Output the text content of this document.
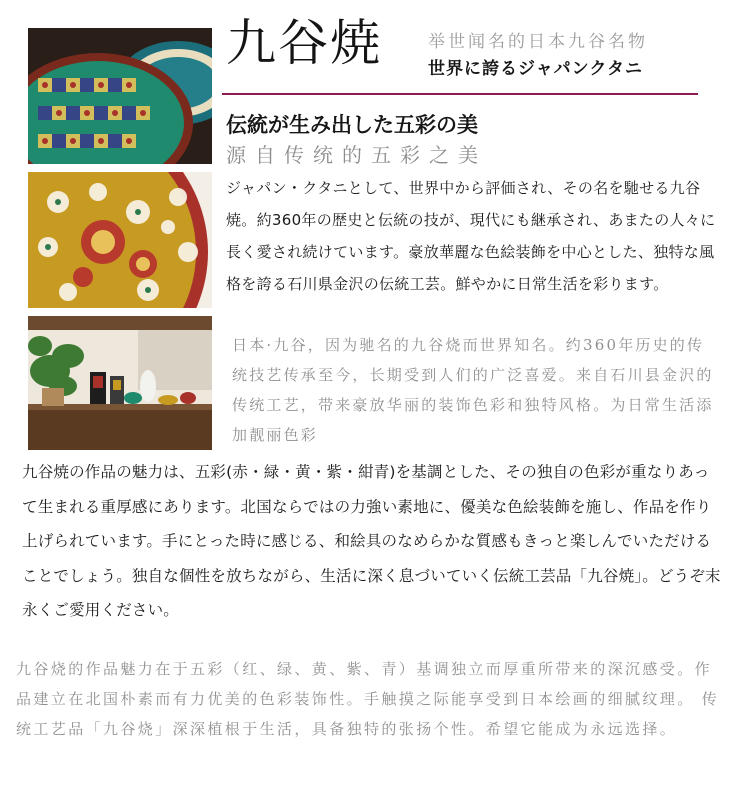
九谷焼	举世闻名的日本九谷名物
世界に誇るジャパンクタニ
伝統が生み出した五彩の美
源自传统的五彩之美
ジャパン・クタニとして、世界中から評価され、その名を馳せる九谷焼。約360年の歴史と伝統の技が、現代にも継承され、あまたの人々に長く愛され続けています。豪放華麗な色絵装飾を中心とした、独特な風格を誇る石川県金沢の伝統工芸。鮮やかに日常生活を彩ります。
日本·九谷，因为驰名的九谷烧而世界知名。约360年历史的传统技艺传承至今，长期受到人们的广泛喜爱。来自石川县金沢的传统工艺，带来豪放华丽的装饰色彩和独特风格。为日常生活添加靓丽色彩
九谷焼の作品の魅力は、五彩(赤・緑・黄・紫・紺青)を基調とした、その独自の色彩が重なりあって生まれる重厚感にあります。北国ならではの力強い素地に、優美な色絵装飾を施し、作品を作り上げられています。手にとった時に感じる、和絵具のなめらかな質感もきっと楽しんでいただけることでしょう。独自な個性を放ちながら、生活に深く息づいていく伝統工芸品「九谷焼」。どうぞ末永くご愛用ください。
九谷烧的作品魅力在于五彩（红、绿、黄、紫、青）基调独立而厚重所带来的深沉感受。作品建立在北国朴素而有力优美的色彩装饰性。手触摸之际能享受到日本绘画的细腻纹理。 传统工艺品「九谷烧」深深植根于生活，具备独特的张扬个性。希望它能成为永远选择。
